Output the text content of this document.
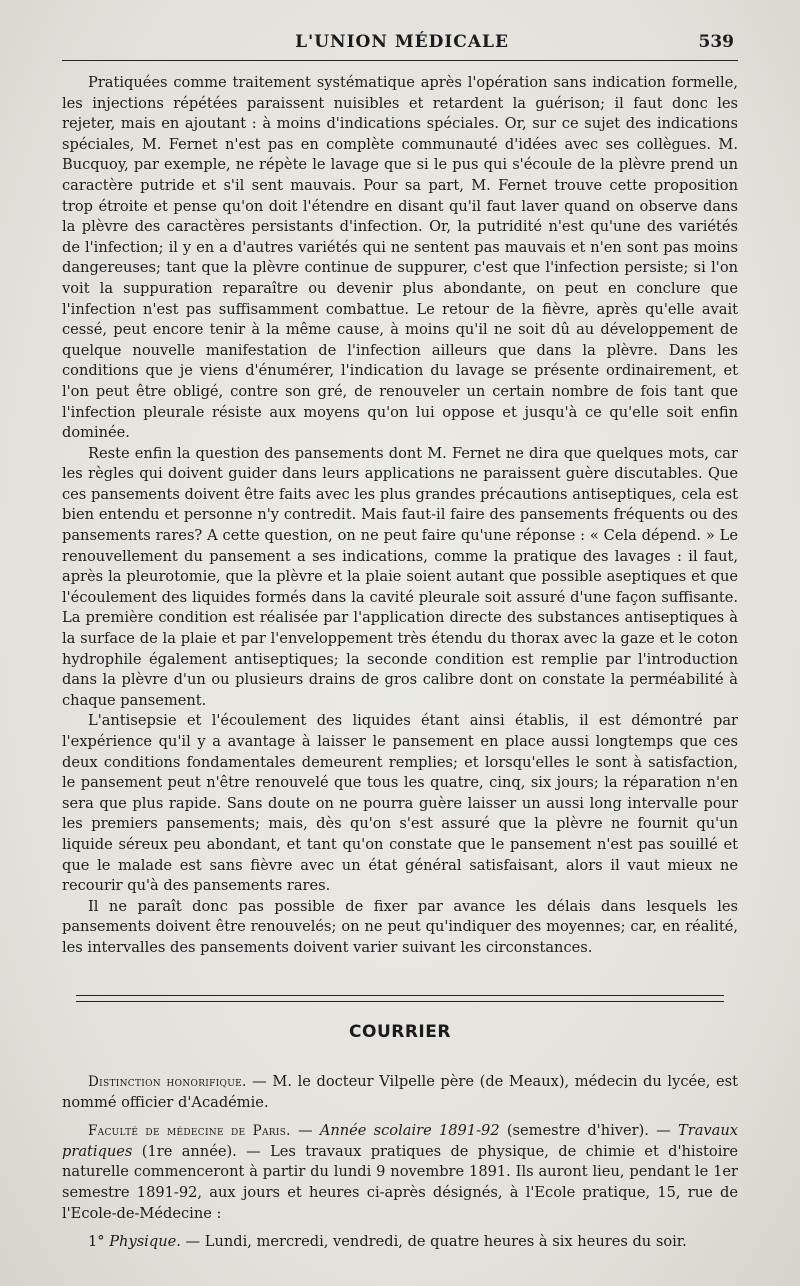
L'UNION MÉDICALE	539

Pratiquées comme traitement systématique après l'opération sans indication formelle, les injections répétées paraissent nuisibles et retardent la guérison; il faut donc les rejeter, mais en ajoutant : à moins d'indications spéciales. Or, sur ce sujet des indications spéciales, M. Fernet n'est pas en complète communauté d'idées avec ses collègues. M. Bucquoy, par exemple, ne répète le lavage que si le pus qui s'écoule de la plèvre prend un caractère putride et s'il sent mauvais. Pour sa part, M. Fernet trouve cette proposition trop étroite et pense qu'on doit l'étendre en disant qu'il faut laver quand on observe dans la plèvre des caractères persistants d'infection. Or, la putridité n'est qu'une des variétés de l'infection; il y en a d'autres variétés qui ne sentent pas mauvais et n'en sont pas moins dangereuses; tant que la plèvre continue de suppurer, c'est que l'infection persiste; si l'on voit la suppuration reparaître ou devenir plus abondante, on peut en conclure que l'infection n'est pas suffisamment combattue. Le retour de la fièvre, après qu'elle avait cessé, peut encore tenir à la même cause, à moins qu'il ne soit dû au développement de quelque nouvelle manifestation de l'infection ailleurs que dans la plèvre. Dans les conditions que je viens d'énumérer, l'indication du lavage se présente ordinairement, et l'on peut être obligé, contre son gré, de renouveler un certain nombre de fois tant que l'infection pleurale résiste aux moyens qu'on lui oppose et jusqu'à ce qu'elle soit enfin dominée.

Reste enfin la question des pansements dont M. Fernet ne dira que quelques mots, car les règles qui doivent guider dans leurs applications ne paraissent guère discutables. Que ces pansements doivent être faits avec les plus grandes précautions antiseptiques, cela est bien entendu et personne n'y contredit. Mais faut-il faire des pansements fréquents ou des pansements rares? A cette question, on ne peut faire qu'une réponse : « Cela dépend. » Le renouvellement du pansement a ses indications, comme la pratique des lavages : il faut, après la pleurotomie, que la plèvre et la plaie soient autant que possible aseptiques et que l'écoulement des liquides formés dans la cavité pleurale soit assuré d'une façon suffisante. La première condition est réalisée par l'application directe des substances antiseptiques à la surface de la plaie et par l'enveloppement très étendu du thorax avec la gaze et le coton hydrophile également antiseptiques; la seconde condition est remplie par l'introduction dans la plèvre d'un ou plusieurs drains de gros calibre dont on constate la perméabilité à chaque pansement.

L'antisepsie et l'écoulement des liquides étant ainsi établis, il est démontré par l'expérience qu'il y a avantage à laisser le pansement en place aussi longtemps que ces deux conditions fondamentales demeurent remplies; et lorsqu'elles le sont à satisfaction, le pansement peut n'être renouvelé que tous les quatre, cinq, six jours; la réparation n'en sera que plus rapide. Sans doute on ne pourra guère laisser un aussi long intervalle pour les premiers pansements; mais, dès qu'on s'est assuré que la plèvre ne fournit qu'un liquide séreux peu abondant, et tant qu'on constate que le pansement n'est pas souillé et que le malade est sans fièvre avec un état général satisfaisant, alors il vaut mieux ne recourir qu'à des pansements rares.

Il ne paraît donc pas possible de fixer par avance les délais dans lesquels les pansements doivent être renouvelés; on ne peut qu'indiquer des moyennes; car, en réalité, les intervalles des pansements doivent varier suivant les circonstances.

COURRIER

Distinction honorifique. — M. le docteur Vilpelle père (de Meaux), médecin du lycée, est nommé officier d'Académie.

Faculté de médecine de Paris. — Année scolaire 1891-92 (semestre d'hiver). — Travaux pratiques (1re année). — Les travaux pratiques de physique, de chimie et d'histoire naturelle commenceront à partir du lundi 9 novembre 1891. Ils auront lieu, pendant le 1er semestre 1891-92, aux jours et heures ci-après désignés, à l'Ecole pratique, 15, rue de l'Ecole-de-Médecine :

1° Physique. — Lundi, mercredi, vendredi, de quatre heures à six heures du soir.
